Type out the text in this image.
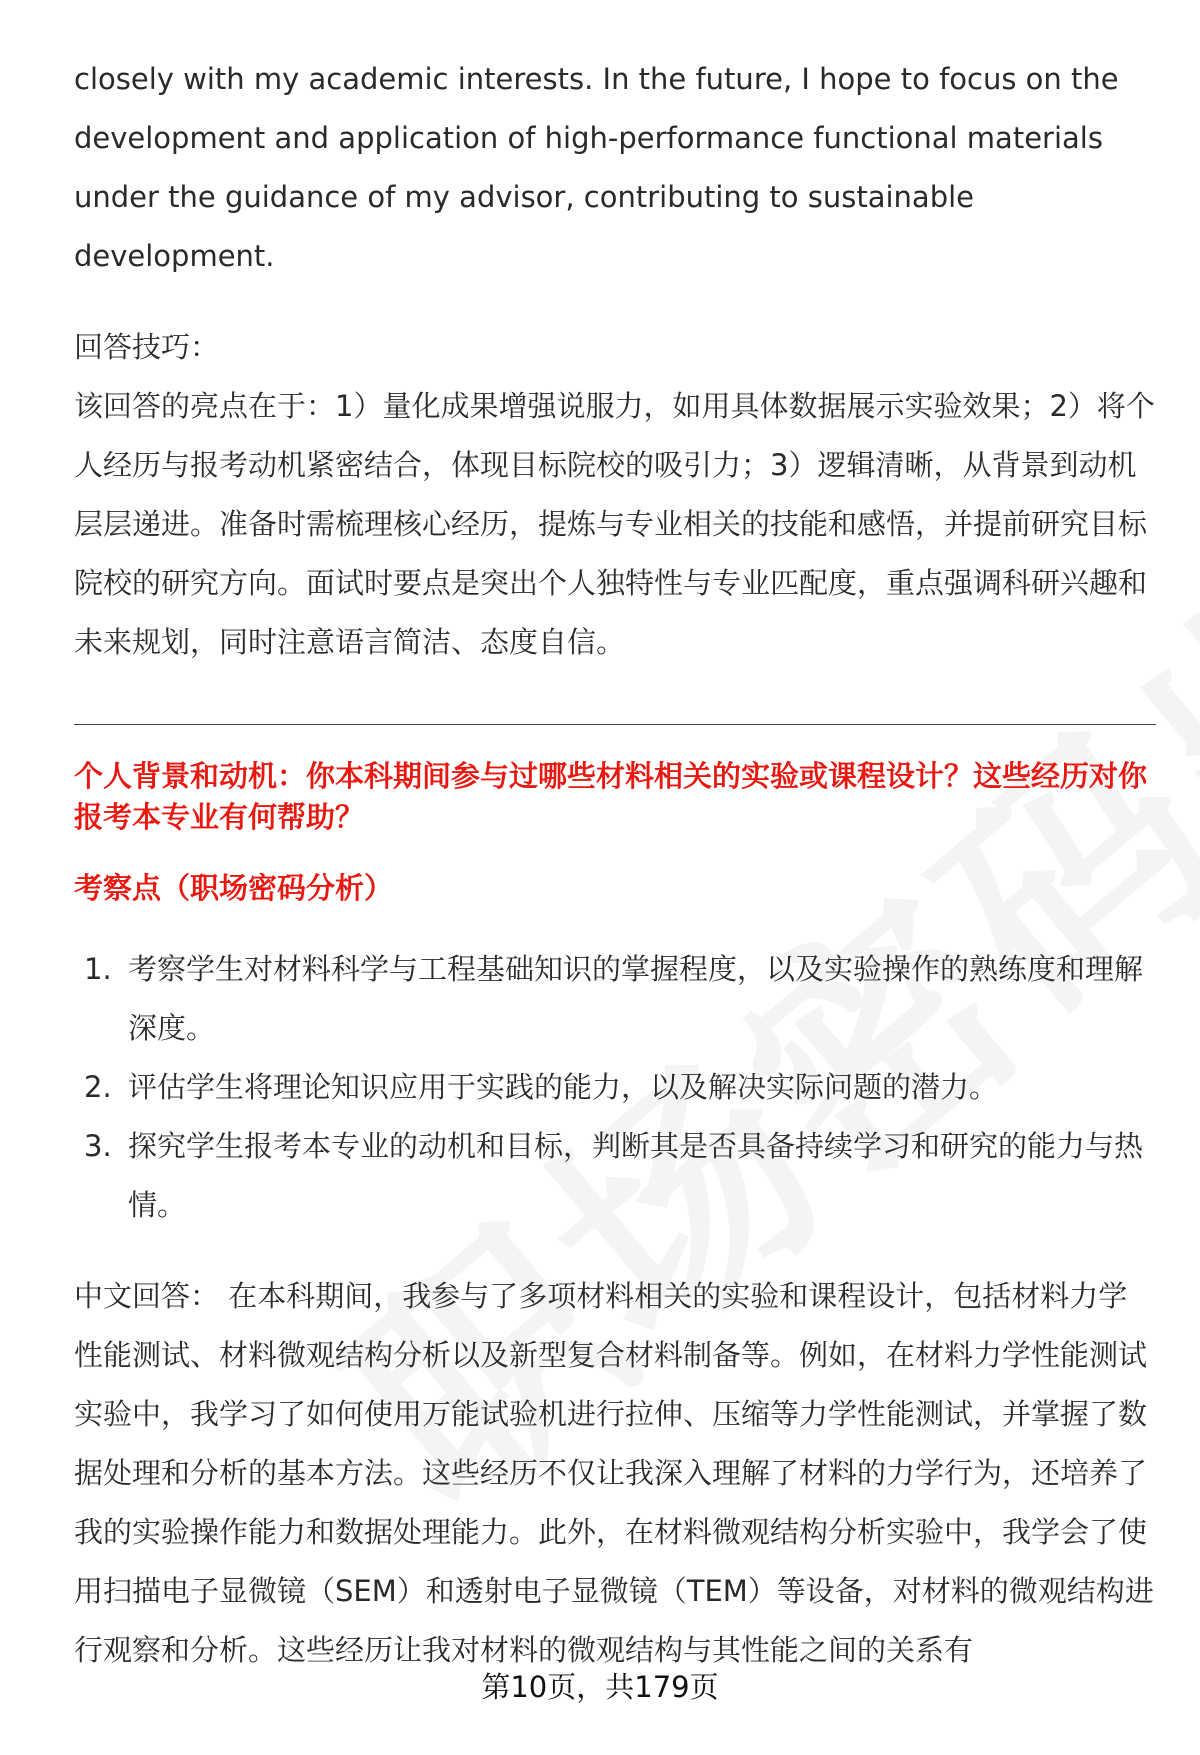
closely with my academic interests. In the future, I hope to focus on the development and application of high-performance functional materials under the guidance of my advisor, contributing to sustainable development.

回答技巧：

该回答的亮点在于：1）量化成果增强说服力，如用具体数据展示实验效果；2）将个人经历与报考动机紧密结合，体现目标院校的吸引力；3）逻辑清晰，从背景到动机层层递进。准备时需梳理核心经历，提炼与专业相关的技能和感悟，并提前研究目标院校的研究方向。面试时要点是突出个人独特性与专业匹配度，重点强调科研兴趣和未来规划，同时注意语言简洁、态度自信。

个人背景和动机：你本科期间参与过哪些材料相关的实验或课程设计？这些经历对你报考本专业有何帮助？

考察点（职场密码分析）

1. 考察学生对材料科学与工程基础知识的掌握程度，以及实验操作的熟练度和理解深度。
2. 评估学生将理论知识应用于实践的能力，以及解决实际问题的潜力。
3. 探究学生报考本专业的动机和目标，判断其是否具备持续学习和研究的能力与热情。

中文回答： 在本科期间，我参与了多项材料相关的实验和课程设计，包括材料力学性能测试、材料微观结构分析以及新型复合材料制备等。例如，在材料力学性能测试实验中，我学习了如何使用万能试验机进行拉伸、压缩等力学性能测试，并掌握了数据处理和分析的基本方法。这些经历不仅让我深入理解了材料的力学行为，还培养了我的实验操作能力和数据处理能力。此外，在材料微观结构分析实验中，我学会了使用扫描电子显微镜（SEM）和透射电子显微镜（TEM）等设备，对材料的微观结构进行观察和分析。这些经历让我对材料的微观结构与其性能之间的关系有

第10页，共179页
